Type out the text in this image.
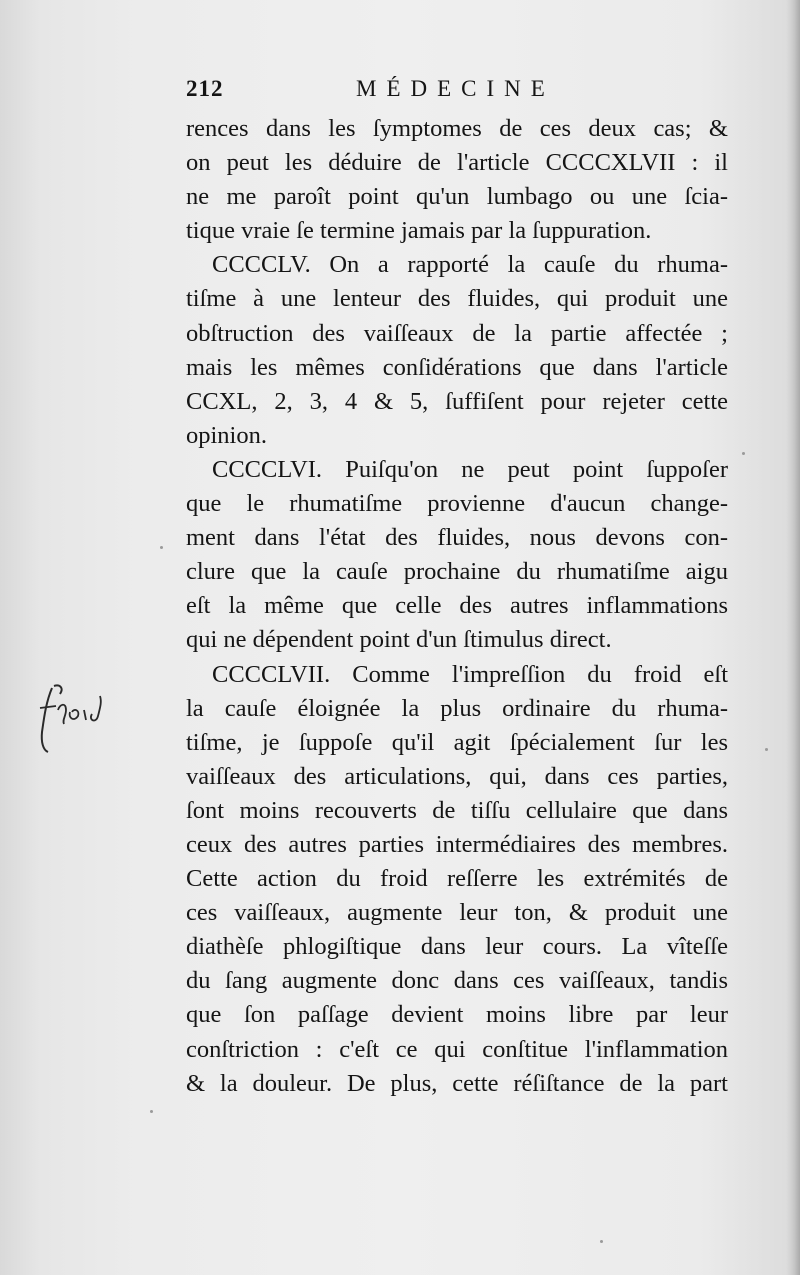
212	MÉDECINE
rences dans les ſymptomes de ces deux cas; &
on peut les déduire de l'article CCCCXLVII : il
ne me paroît point qu'un lumbago ou une ſcia-
tique vraie ſe termine jamais par la ſuppuration.
CCCCLV. On a rapporté la cauſe du rhuma-
tiſme à une lenteur des fluides, qui produit une
obſtruction des vaiſſeaux de la partie affectée ;
mais les mêmes conſidérations que dans l'article
CCXL, 2, 3, 4 & 5, ſuffiſent pour rejeter cette
opinion.
CCCCLVI. Puiſqu'on ne peut point ſuppoſer
que le rhumatiſme provienne d'aucun change-
ment dans l'état des fluides, nous devons con-
clure que la cauſe prochaine du rhumatiſme aigu
eſt la même que celle des autres inflammations
qui ne dépendent point d'un ſtimulus direct.
CCCCLVII. Comme l'impreſſion du froid eſt
la cauſe éloignée la plus ordinaire du rhuma-
tiſme, je ſuppoſe qu'il agit ſpécialement ſur les
vaiſſeaux des articulations, qui, dans ces parties,
ſont moins recouverts de tiſſu cellulaire que dans
ceux des autres parties intermédiaires des membres.
Cette action du froid reſſerre les extrémités de
ces vaiſſeaux, augmente leur ton, & produit une
diathèſe phlogiſtique dans leur cours. La vîteſſe
du ſang augmente donc dans ces vaiſſeaux, tandis
que ſon paſſage devient moins libre par leur
conſtriction : c'eſt ce qui conſtitue l'inflammation
& la douleur. De plus, cette réſiſtance de la part
